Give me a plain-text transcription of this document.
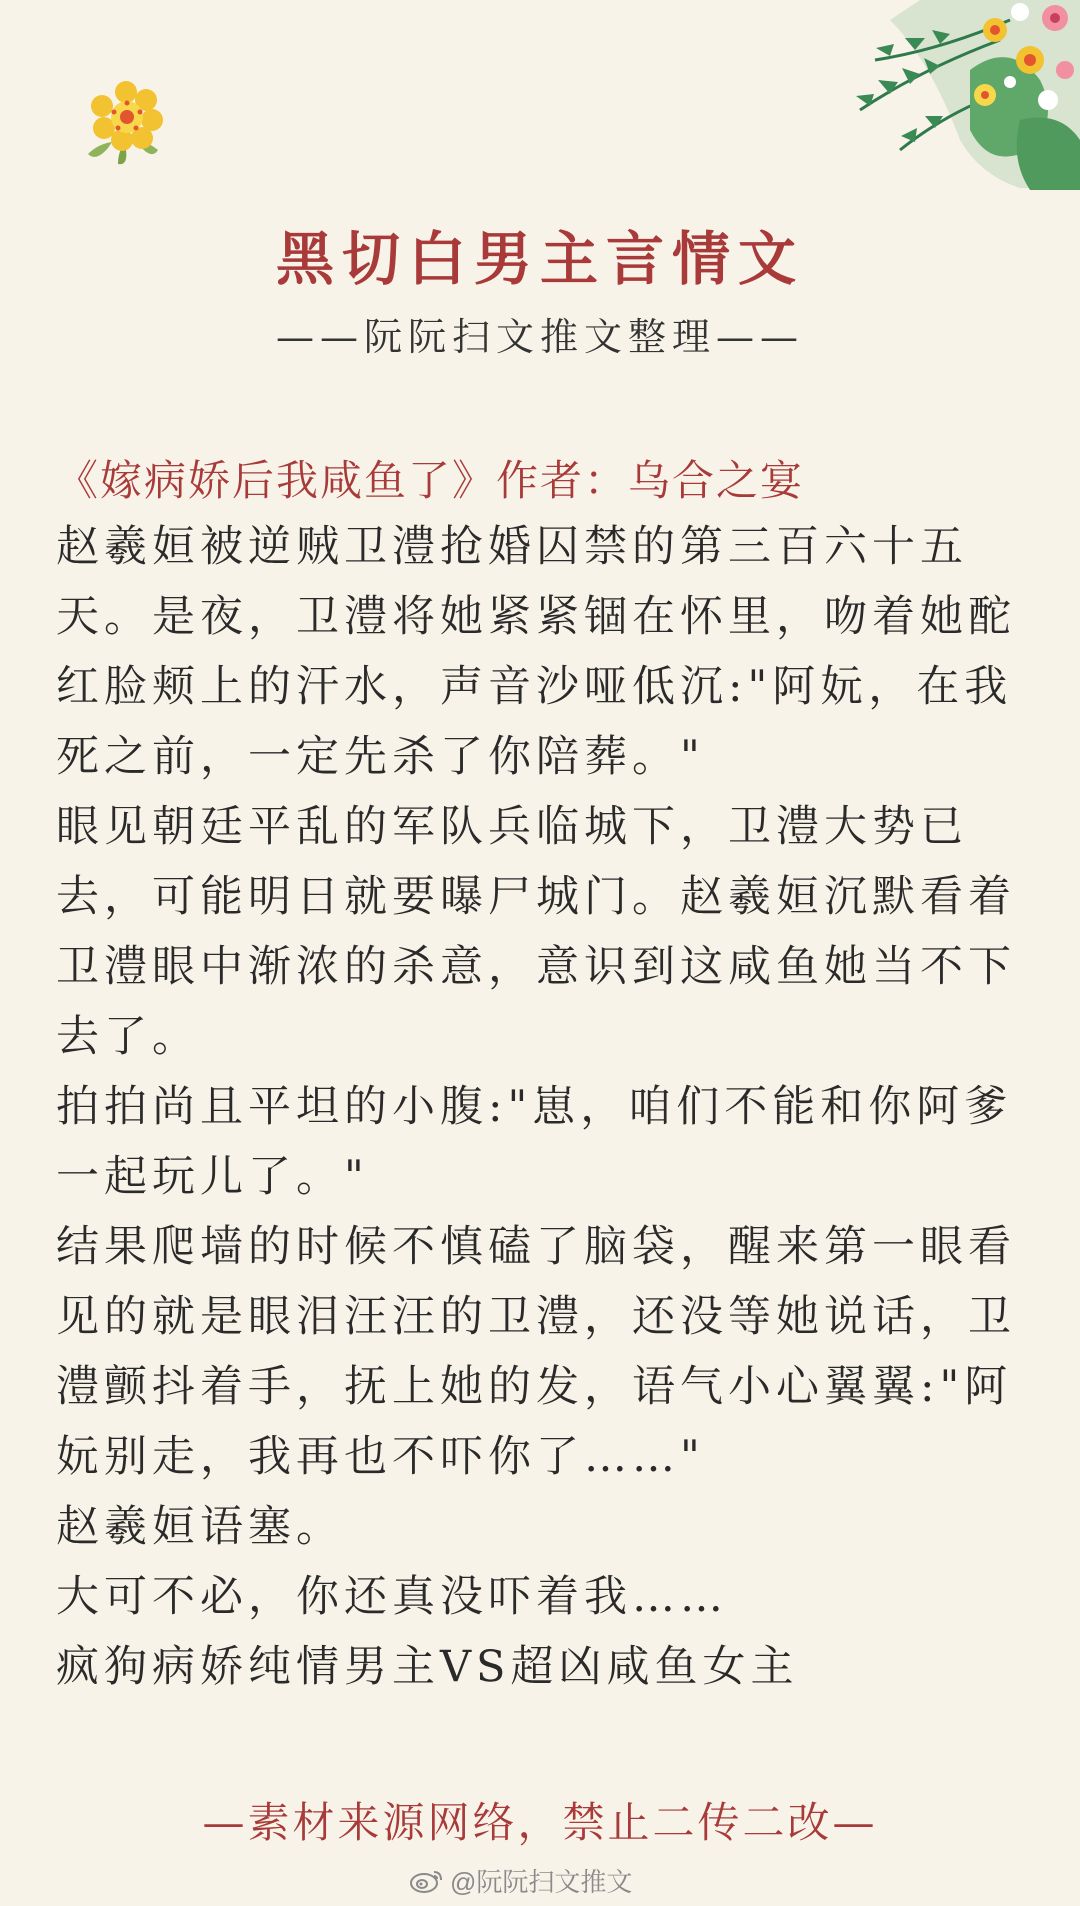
黑切白男主言情文
——阮阮扫文推文整理——
《嫁病娇后我咸鱼了》作者：乌合之宴

赵羲姮被逆贼卫澧抢婚囚禁的第三百六十五天。是夜，卫澧将她紧紧锢在怀里，吻着她酡红脸颊上的汗水，声音沙哑低沉:"阿妧，在我死之前，一定先杀了你陪葬。"

眼见朝廷平乱的军队兵临城下，卫澧大势已去，可能明日就要曝尸城门。赵羲姮沉默看着卫澧眼中渐浓的杀意，意识到这咸鱼她当不下去了。

拍拍尚且平坦的小腹:"崽，咱们不能和你阿爹一起玩儿了。"

结果爬墙的时候不慎磕了脑袋，醒来第一眼看见的就是眼泪汪汪的卫澧，还没等她说话，卫澧颤抖着手，抚上她的发，语气小心翼翼:"阿妧别走，我再也不吓你了……"

赵羲姮语塞。

大可不必，你还真没吓着我……

疯狗病娇纯情男主VS超凶咸鱼女主

—素材来源网络，禁止二传二改—
@阮阮扫文推文
